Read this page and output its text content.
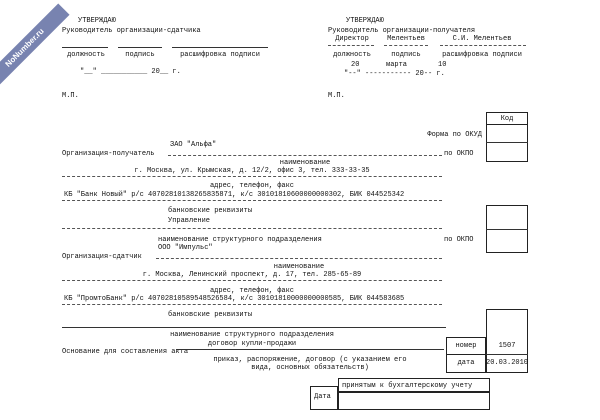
NoNumber.ru
УТВЕРЖДАЮ
Руководитель организации-сдатчика
должность	подпись	расшифровка подписи
"__" ___________ 20__ г.
М.П.
УТВЕРЖДАЮ
Руководитель организации-получателя
Директор	Мелентьев	С.И. Мелентьев
должность	подпись	расшифровка подписи
20	марта	10
"--" ----------- 20-- г.
М.П.
Код
Форма по ОКУД
ЗАО "Альфа"
Организация-получатель	по ОКПО
наименование
г. Москва, ул. Крымская, д. 12/2, офис 3, тел. 333-33-35
адрес, телефон, факс
КБ "Банк Новый" р/с 40702810138265835871, к/с 30101810600000000302, БИК 044525342
банковские реквизиты
Управление
наименование структурного подразделения	по ОКПО
ООО "Импульс"
Организация-сдатчик
наименование
г. Москва, Ленинский проспект, д. 17, тел. 285-65-89
адрес, телефон, факс
КБ "ПромтоБанк" р/с 40702810589548526584, к/с 30101810000000000585, БИК 044583685
банковские реквизиты
наименование структурного подразделения
договор купли-продажи
Основание для составления акта
приказ, распоряжение, договор (с указанием его
вида, основных обязательств)
номер	1507
дата	20.03.2010
принятым к бухгалтерскому учету
Дата
